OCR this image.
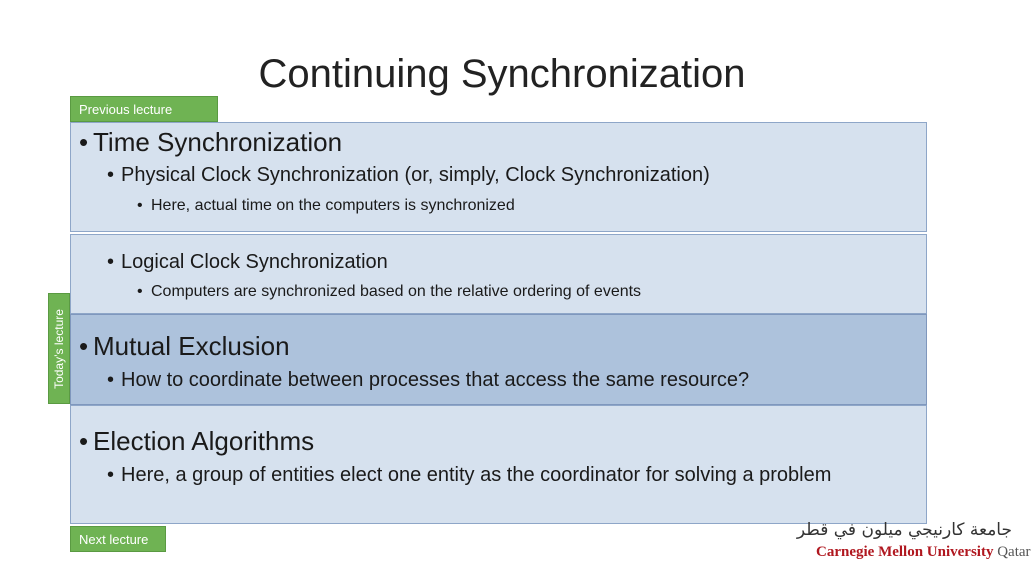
Continuing Synchronization
Previous lecture
• Time Synchronization
• Physical Clock Synchronization (or, simply, Clock Synchronization)
• Here, actual time on the computers is synchronized
• Logical Clock Synchronization
• Computers are synchronized based on the relative ordering of events
Today’s lecture • Mutual Exclusion
• How to coordinate between processes that access the same resource?
• Election Algorithms
• Here, a group of entities elect one entity as the coordinator for solving a problem
Next lecture	جامعة كارنيجي ميلون في قطر
Carnegie Mellon University Qatar
